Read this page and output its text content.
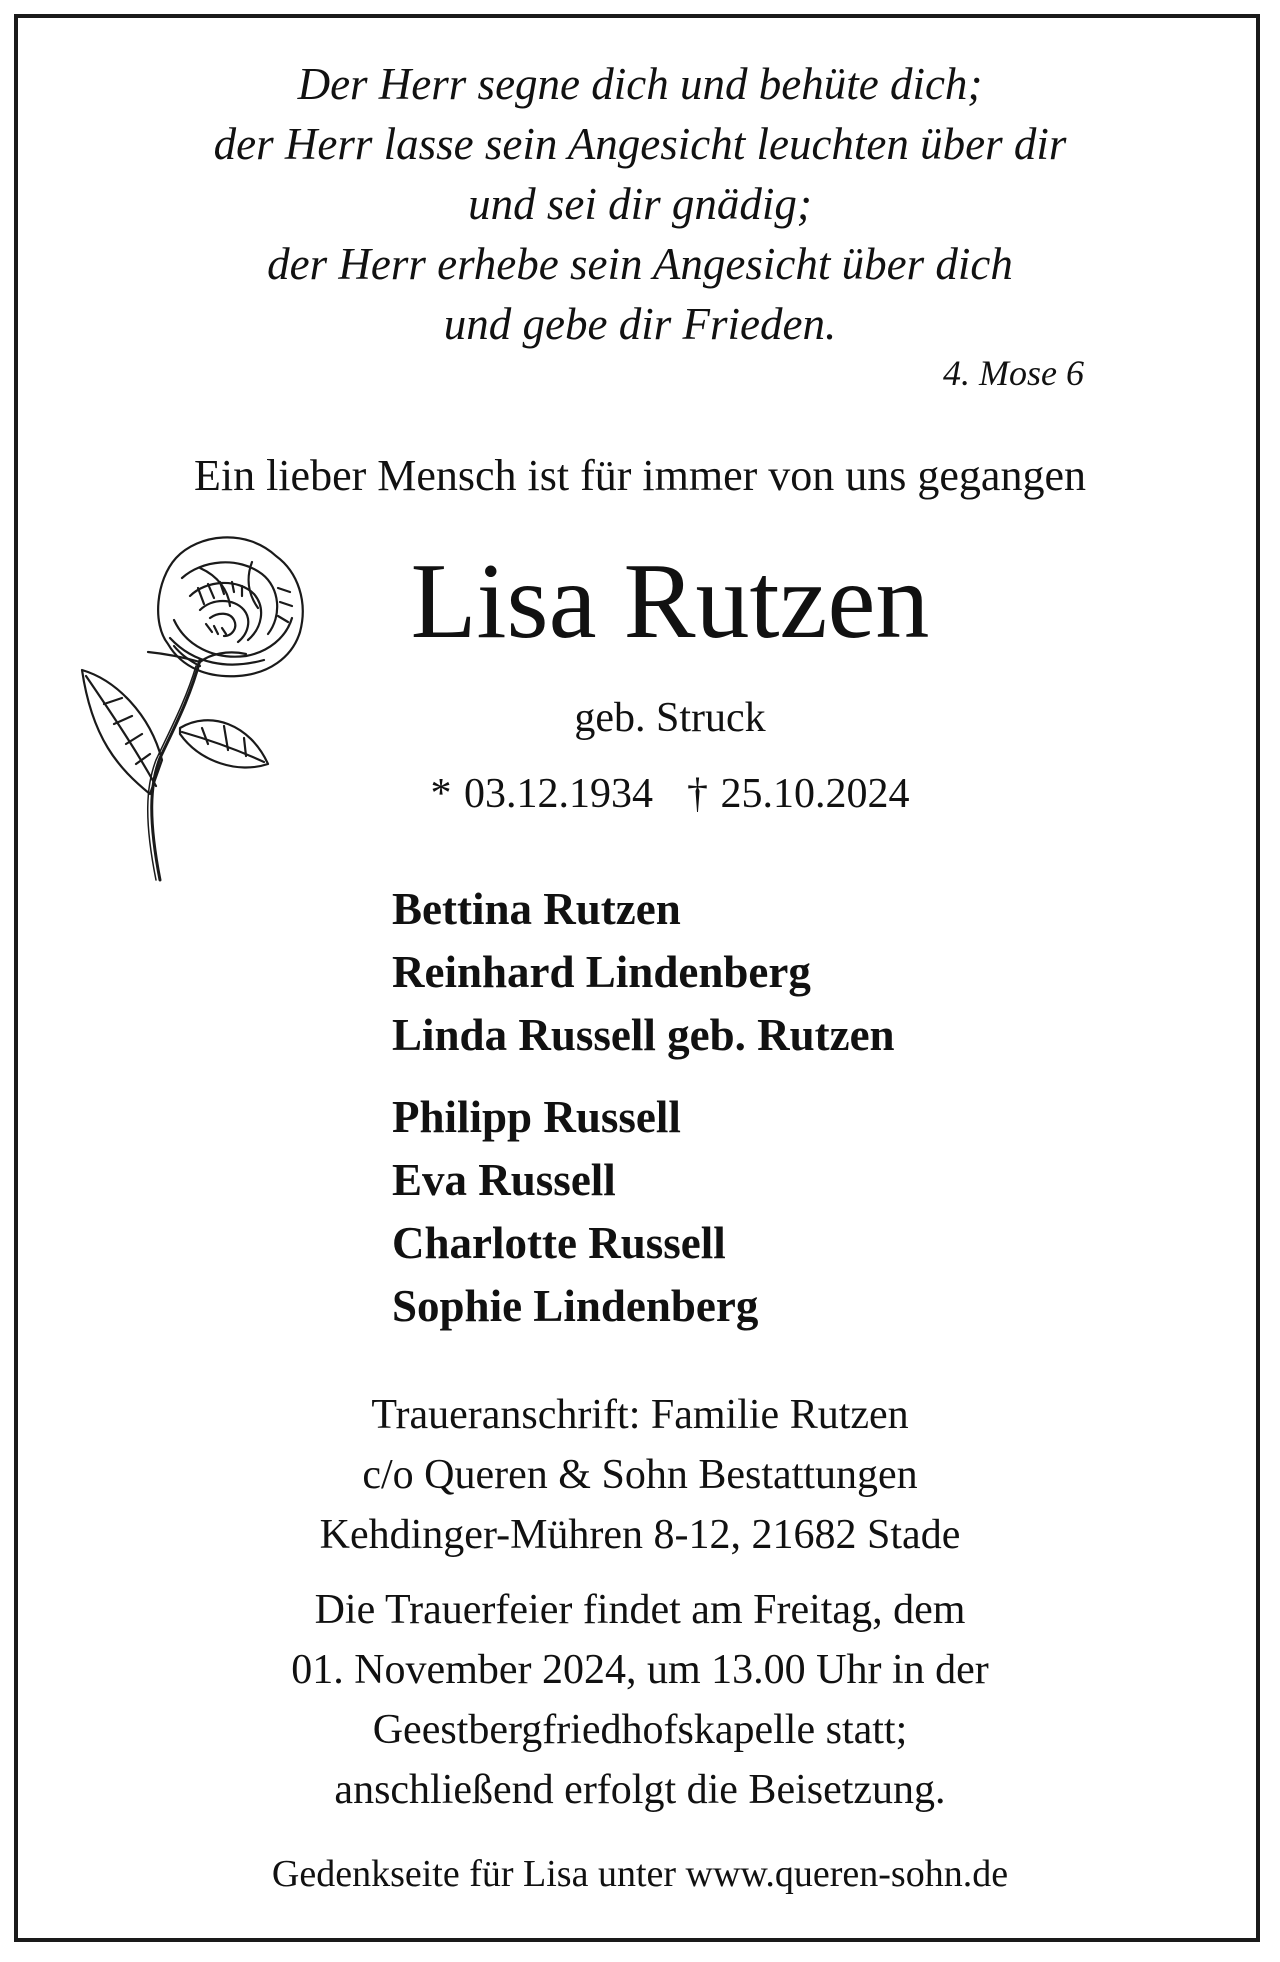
Der Herr segne dich und behüte dich;
der Herr lasse sein Angesicht leuchten über dir
und sei dir gnädig;
der Herr erhebe sein Angesicht über dich
und gebe dir Frieden.
4. Mose 6
Ein lieber Mensch ist für immer von uns gegangen
Lisa Rutzen
geb. Struck
* 03.12.1934 † 25.10.2024
Bettina Rutzen
Reinhard Lindenberg
Linda Russell geb. Rutzen
Philipp Russell
Eva Russell
Charlotte Russell
Sophie Lindenberg
Traueranschrift: Familie Rutzen
c/o Queren & Sohn Bestattungen
Kehdinger-Mühren 8-12, 21682 Stade
Die Trauerfeier findet am Freitag, dem
01. November 2024, um 13.00 Uhr in der
Geestbergfriedhofskapelle statt;
anschließend erfolgt die Beisetzung.
Gedenkseite für Lisa unter www.queren-sohn.de
